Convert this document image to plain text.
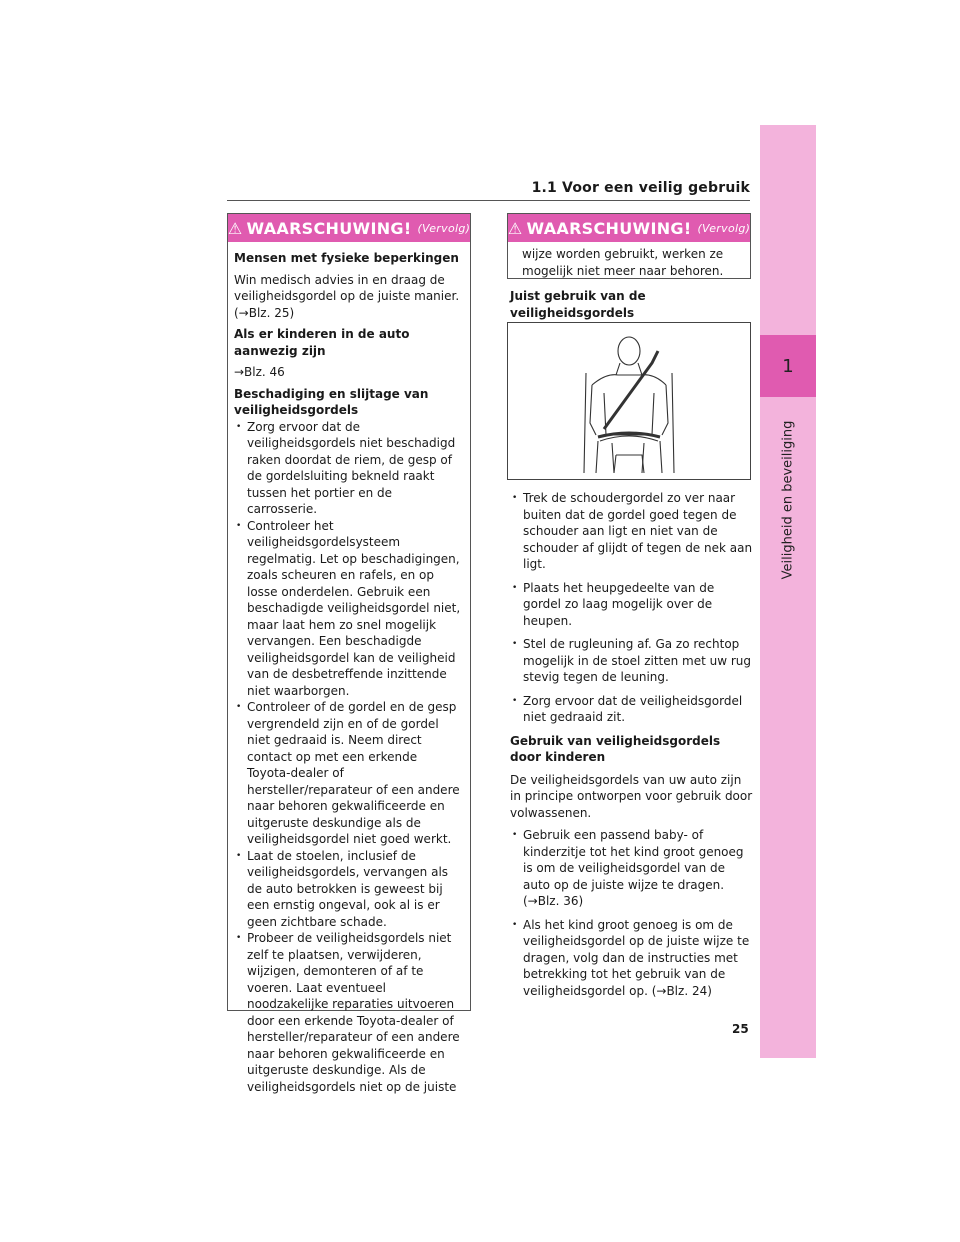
1
Veiligheid en beveiliging
1.1 Voor een veilig gebruik
⚠ WAARSCHUWING! (Vervolg)

Mensen met fysieke beperkingen

Win medisch advies in en draag de veiligheidsgordel op de juiste manier. (→Blz. 25)

Als er kinderen in de auto aanwezig zijn

→Blz. 46

Beschadiging en slijtage van veiligheidsgordels

• Zorg ervoor dat de veiligheidsgordels niet beschadigd raken doordat de riem, de gesp of de gordelsluiting bekneld raakt tussen het portier en de carrosserie.
• Controleer het veiligheidsgordelsysteem regelmatig. Let op beschadigingen, zoals scheuren en rafels, en op losse onderdelen. Gebruik een beschadigde veiligheidsgordel niet, maar laat hem zo snel mogelijk vervangen. Een beschadigde veiligheidsgordel kan de veiligheid van de desbetreffende inzittende niet waarborgen.
• Controleer of de gordel en de gesp vergrendeld zijn en of de gordel niet gedraaid is. Neem direct contact op met een erkende Toyota-dealer of hersteller/reparateur of een andere naar behoren gekwalificeerde en uitgeruste deskundige als de veiligheidsgordel niet goed werkt.
• Laat de stoelen, inclusief de veiligheidsgordels, vervangen als de auto betrokken is geweest bij een ernstig ongeval, ook al is er geen zichtbare schade.
• Probeer de veiligheidsgordels niet zelf te plaatsen, verwijderen, wijzigen, demonteren of af te voeren. Laat eventueel noodzakelijke reparaties uitvoeren door een erkende Toyota-dealer of hersteller/reparateur of een andere naar behoren gekwalificeerde en uitgeruste deskundige. Als de veiligheidsgordels niet op de juiste
⚠ WAARSCHUWING! (Vervolg)

wijze worden gebruikt, werken ze mogelijk niet meer naar behoren.

Juist gebruik van de veiligheidsgordels

• Trek de schoudergordel zo ver naar buiten dat de gordel goed tegen de schouder aan ligt en niet van de schouder af glijdt of tegen de nek aan ligt.
• Plaats het heupgedeelte van de gordel zo laag mogelijk over de heupen.
• Stel de rugleuning af. Ga zo rechtop mogelijk in de stoel zitten met uw rug stevig tegen de leuning.
• Zorg ervoor dat de veiligheidsgordel niet gedraaid zit.

Gebruik van veiligheidsgordels door kinderen

De veiligheidsgordels van uw auto zijn in principe ontworpen voor gebruik door volwassenen.

• Gebruik een passend baby- of kinderzitje tot het kind groot genoeg is om de veiligheidsgordel van de auto op de juiste wijze te dragen. (→Blz. 36)
• Als het kind groot genoeg is om de veiligheidsgordel op de juiste wijze te dragen, volg dan de instructies met betrekking tot het gebruik van de veiligheidsgordel op. (→Blz. 24)
25
